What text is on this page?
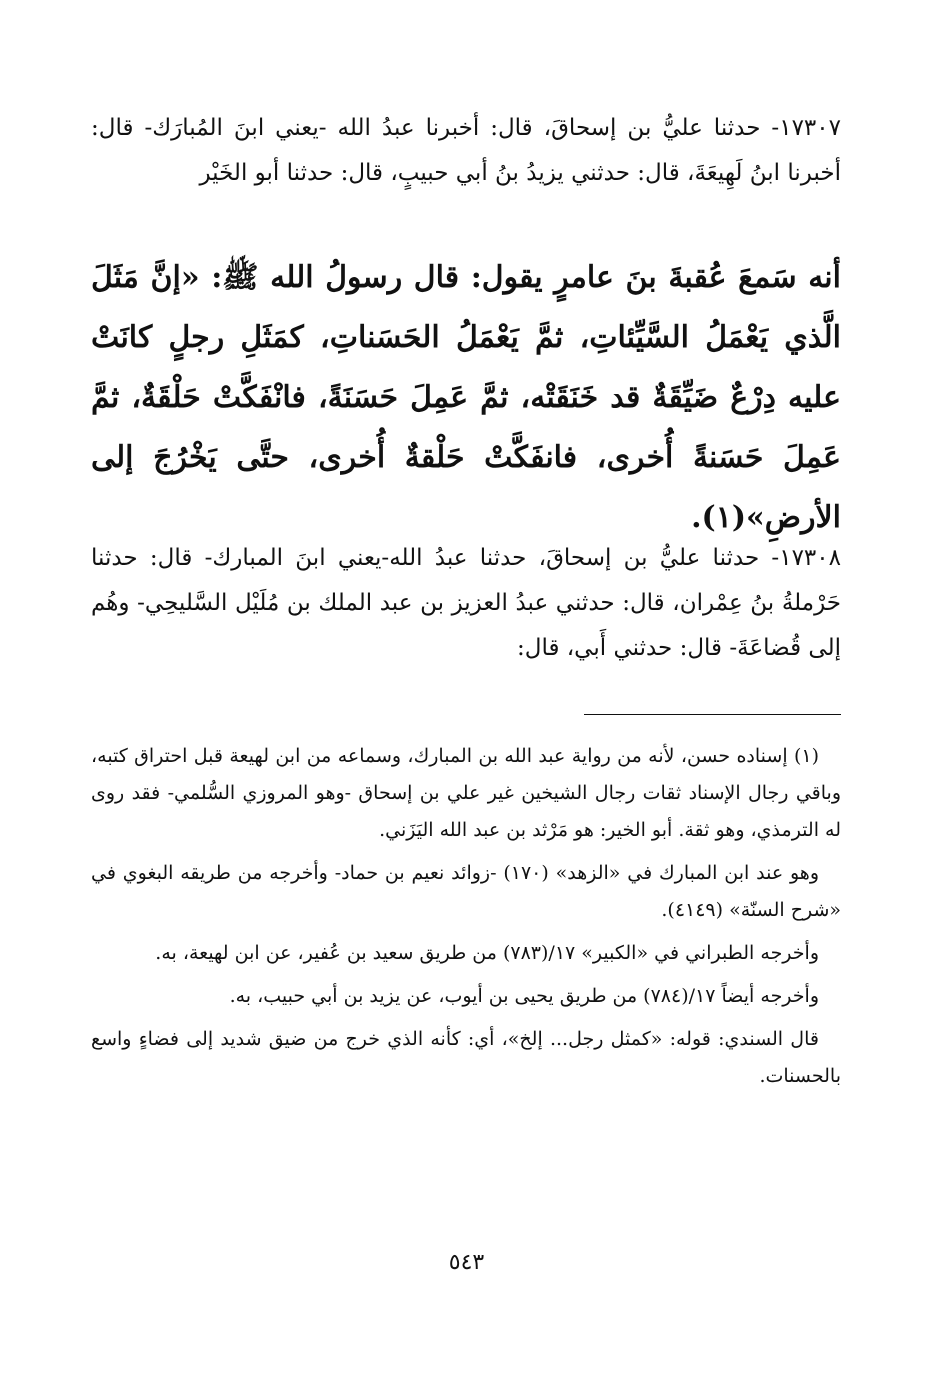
١٧٣٠٧- حدثنا عليُّ بن إسحاقَ، قال: أخبرنا عبدُ الله -يعني ابنَ المُبارَك- قال: أخبرنا ابنُ لَهِيعَةَ، قال: حدثني يزيدُ بنُ أبي حبيبٍ، قال: حدثنا أبو الخَيْر
أنه سَمعَ عُقبةَ بنَ عامرٍ يقول: قال رسولُ الله ﷺ: «إنَّ مَثَلَ الَّذي يَعْمَلُ السَّيِّئاتِ، ثمَّ يَعْمَلُ الحَسَناتِ، كمَثَلِ رجلٍ كانَتْ عليه دِرْعٌ ضَيِّقَةٌ قد خَنَقَتْه، ثمَّ عَمِلَ حَسَنَةً، فانْفَكَّتْ حَلْقَةٌ، ثمَّ عَمِلَ حَسَنةً أُخرى، فانفَكَّتْ حَلْقةٌ أُخرى، حتَّى يَخْرُجَ إلى الأرضِ»(١).
١٧٣٠٨- حدثنا عليُّ بن إسحاقَ، حدثنا عبدُ الله-يعني ابنَ المبارك- قال: حدثنا حَرْملةُ بنُ عِمْران، قال: حدثني عبدُ العزيز بن عبد الملك بن مُلَيْل السَّليحِي- وهُم إلى قُضاعَةَ- قال: حدثني أَبي، قال:

(١) إسناده حسن، لأنه من رواية عبد الله بن المبارك، وسماعه من ابن لهيعة قبل احتراق كتبه، وباقي رجال الإسناد ثقات رجال الشيخين غير علي بن إسحاق -وهو المروزي السُّلمي- فقد روى له الترمذي، وهو ثقة. أبو الخير: هو مَرْثد بن عبد الله اليَزَني.

وهو عند ابن المبارك في «الزهد» (١٧٠) -زوائد نعيم بن حماد- وأخرجه من طريقه البغوي في «شرح السنّة» (٤١٤٩).

وأخرجه الطبراني في «الكبير» ١٧/(٧٨٣) من طريق سعيد بن عُفير، عن ابن لهيعة، به.

وأخرجه أيضاً ١٧/(٧٨٤) من طريق يحيى بن أيوب، عن يزيد بن أبي حبيب، به.

قال السندي: قوله: «كمثل رجل... إلخ»، أي: كأنه الذي خرج من ضيق شديد إلى فضاءٍ واسع بالحسنات.

٥٤٣
